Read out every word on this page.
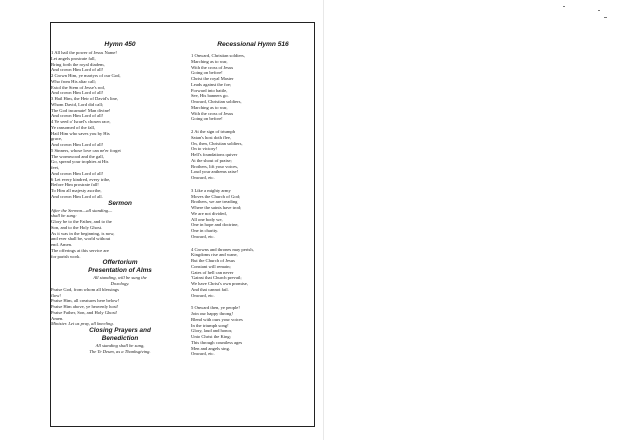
Hymn 450
1 All hail the power of Jesus Name!
Let angels prostrate fall,
Bring forth the royal diadem,
And crown Him Lord of all!
2 Crown Him, ye martyrs of our God,
Who from His altar call;
Extol the Stem of Jesse's rod,
And crown Him Lord of all!
3 Hail Him, the Heir of David's line,
Whom David, Lord did call;
The God incarnate! Man divine!
And crown Him Lord of all!
4 Ye seed o' Israel's chosen race,
Ye ransomed of the fall,
Hail Him who saves you by His
grace,
And crown Him Lord of all!
5 Sinners, whose love can ne'er forget
The wormwood and the gall,
Go, spread your trophies at His
feet,
And crown Him Lord of all!
6 Let every kindred, every tribe,
Before Him prostrate fall!
To Him all majesty ascribe,
And crown Him Lord of all.
Sermon
After the Sermon—all standing—
shall be sung:
Glory be to the Father, and to the
Son, and to the Holy Ghost.
As it was in the beginning, is now,
and ever shall be, world without
end. Amen.
The offerings at this service are
for parish work.
Offertorium
Presentation of Alms
All standing, will be sung the
Doxology.
Praise God, from whom all blessings
flow!
Praise Him, all creatures here below!
Praise Him above, ye heavenly host!
Praise Father, Son, and Holy Ghost!
Amen.
Minister. Let us pray, all kneeling.
Closing Prayers and
Benediction
All standing shall be sung,
The Te Deum, as a Thanksgiving.
Recessional Hymn 516
1 Onward, Christian soldiers,
Marching as to war,
With the cross of Jesus
Going on before!
Christ the royal Master
Leads against the foe;
Forward into battle,
See, His banners go.
Onward, Christian soldiers,
Marching as to war,
With the cross of Jesus
Going on before!
2 At the sign of triumph
Satan's host doth flee,
On, then, Christian soldiers,
On to victory!
Hell's foundations quiver
At the shout of praise;
Brothers, lift your voices,
Loud your anthems raise!
Onward, etc.
3 Like a mighty army
Moves the Church of God;
Brothers, we are treading
Where the saints have trod;
We are not divided,
All one body we,
One in hope and doctrine,
One in charity.
Onward, etc.
4 Crowns and thrones may perish,
Kingdoms rise and wane,
But the Church of Jesus
Constant will remain;
Gates of hell can never
'Gainst that Church prevail;
We have Christ's own promise,
And that cannot fail.
Onward, etc.
5 Onward then, ye people!
Join our happy throng!
Blend with ours your voices
In the triumph song!
Glory, laud and honor,
Unto Christ the King;
This through countless ages
Men and angels sing.
Onward, etc.
